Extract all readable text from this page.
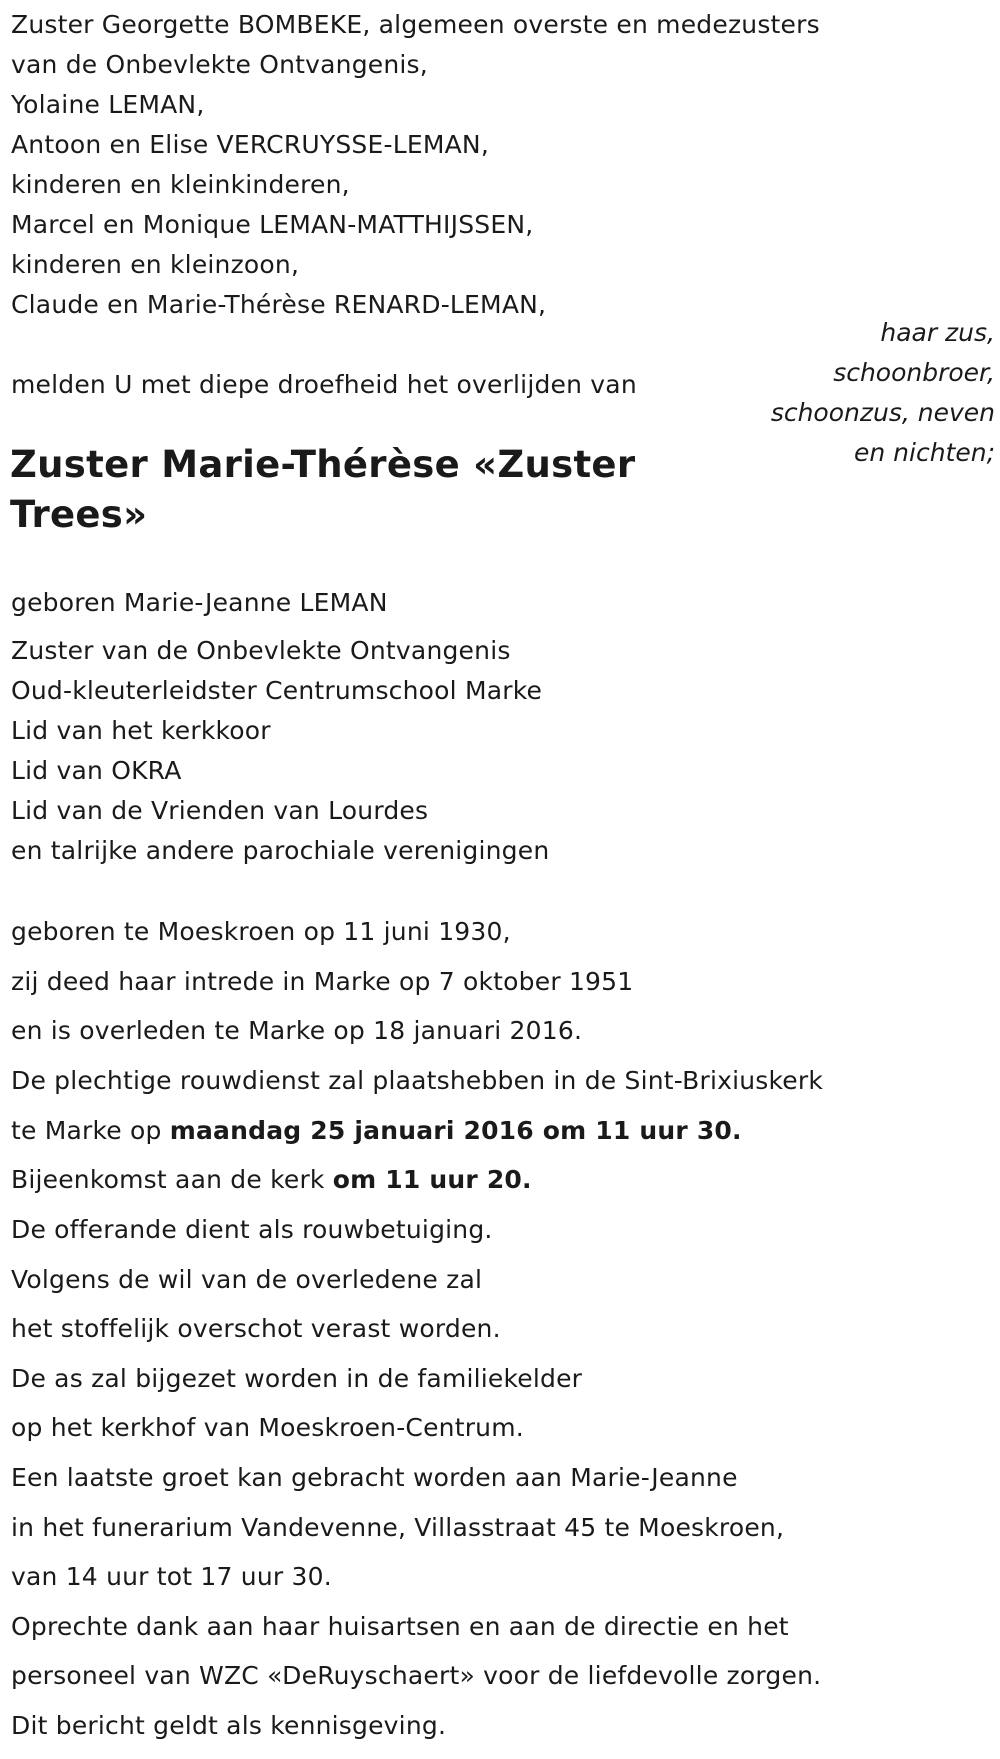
Zuster Georgette BOMBEKE, algemeen overste en medezusters
van de Onbevlekte Ontvangenis,
Yolaine LEMAN,
Antoon en Elise VERCRUYSSE-LEMAN,
kinderen en kleinkinderen,
Marcel en Monique LEMAN-MATTHIJSSEN,
kinderen en kleinzoon,
Claude en Marie-Thérèse RENARD-LEMAN,
haar zus,
schoonbroer,
schoonzus, neven
en nichten;
melden U met diepe droefheid het overlijden van
Zuster Marie-Thérèse «Zuster Trees»
geboren Marie-Jeanne LEMAN
Zuster van de Onbevlekte Ontvangenis
Oud-kleuterleidster Centrumschool Marke
Lid van het kerkkoor
Lid van OKRA
Lid van de Vrienden van Lourdes
en talrijke andere parochiale verenigingen
geboren te Moeskroen op 11 juni 1930,
zij deed haar intrede in Marke op 7 oktober 1951
en is overleden te Marke op 18 januari 2016.
De plechtige rouwdienst zal plaatshebben in de Sint-Brixiuskerk
te Marke op maandag 25 januari 2016 om 11 uur 30.
Bijeenkomst aan de kerk om 11 uur 20.
De offerande dient als rouwbetuiging.
Volgens de wil van de overledene zal
het stoffelijk overschot verast worden.
De as zal bijgezet worden in de familiekelder
op het kerkhof van Moeskroen-Centrum.
Een laatste groet kan gebracht worden aan Marie-Jeanne
in het funerarium Vandevenne, Villasstraat 45 te Moeskroen,
van 14 uur tot 17 uur 30.
Oprechte dank aan haar huisartsen en aan de directie en het
personeel van WZC «DeRuyschaert» voor de liefdevolle zorgen.
Dit bericht geldt als kennisgeving.
